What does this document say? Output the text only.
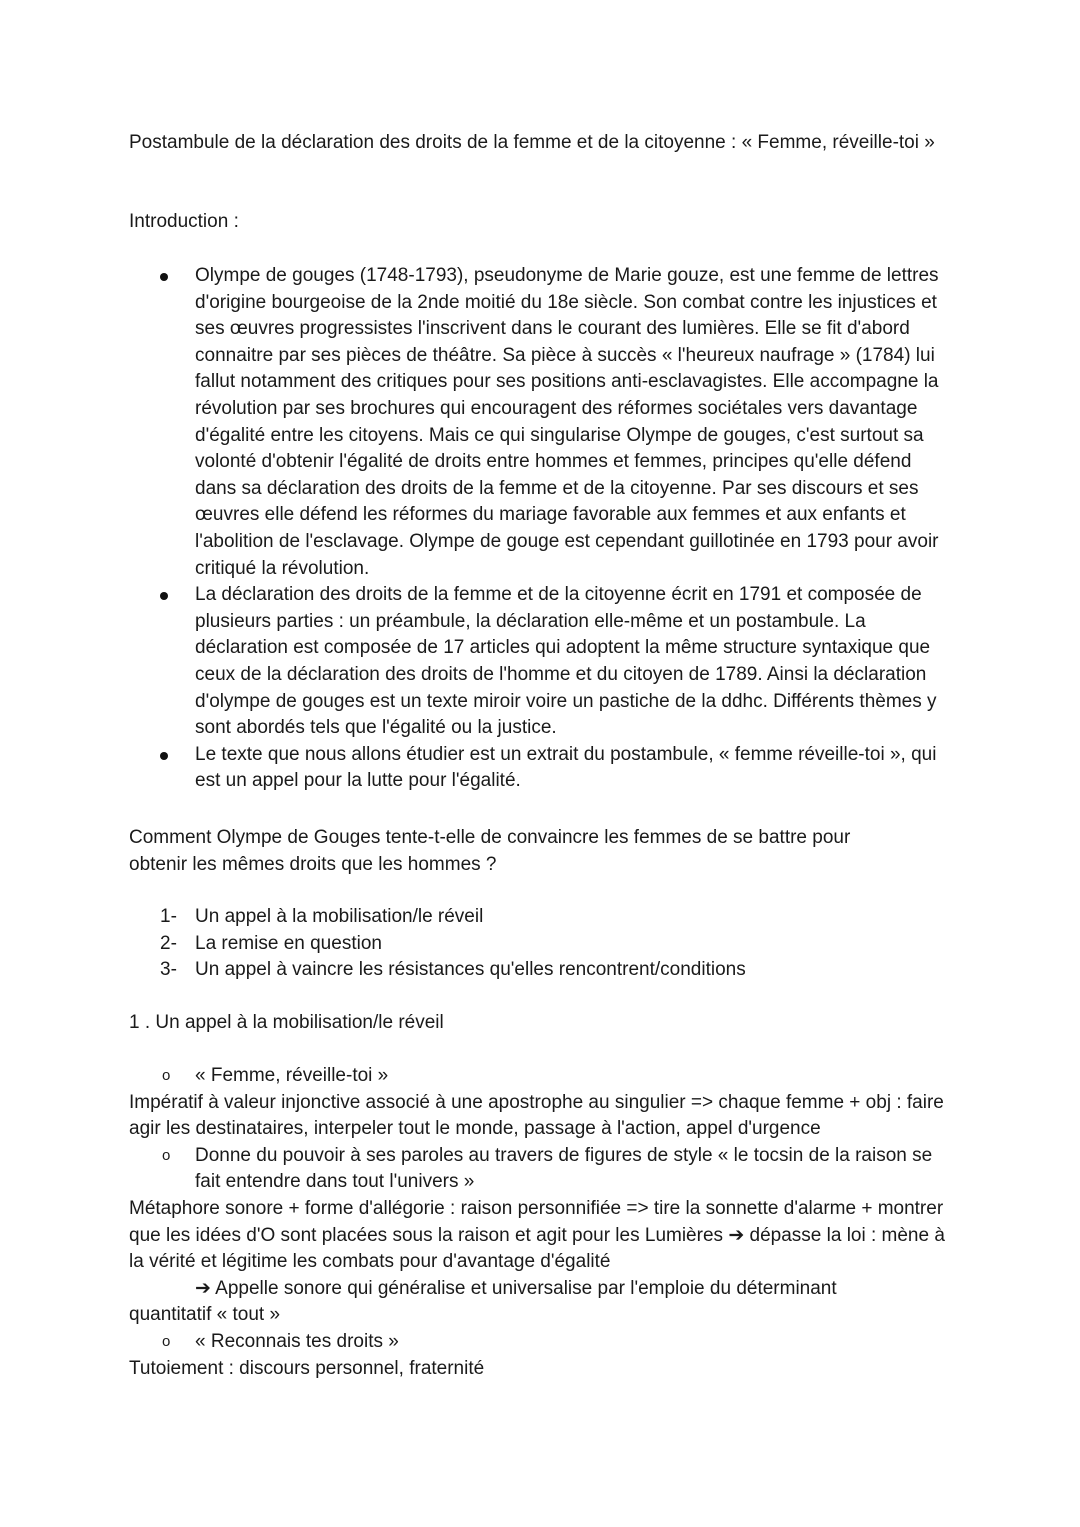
Postambule de la déclaration des droits de la femme et de la citoyenne : « Femme, réveille-toi »
Introduction :
Olympe de gouges (1748-1793), pseudonyme de Marie gouze, est une femme de lettres d'origine bourgeoise de la 2nde moitié du 18e siècle. Son combat contre les injustices et ses œuvres progressistes l'inscrivent dans le courant des lumières. Elle se fit d'abord connaitre par ses pièces de théâtre. Sa pièce à succès « l'heureux naufrage » (1784) lui fallut notamment des critiques pour ses positions anti-esclavagistes. Elle accompagne la révolution par ses brochures qui encouragent des réformes sociétales vers davantage d'égalité entre les citoyens. Mais ce qui singularise Olympe de gouges, c'est surtout sa volonté d'obtenir l'égalité de droits entre hommes et femmes, principes qu'elle défend dans sa déclaration des droits de la femme et de la citoyenne. Par ses discours et ses œuvres elle défend les réformes du mariage favorable aux femmes et aux enfants et l'abolition de l'esclavage. Olympe de gouge est cependant guillotinée en 1793 pour avoir critiqué la révolution.
La déclaration des droits de la femme et de la citoyenne écrit en 1791 et composée de plusieurs parties : un préambule, la déclaration elle-même et un postambule. La déclaration est composée de 17 articles qui adoptent la même structure syntaxique que ceux de la déclaration des droits de l'homme et du citoyen de 1789. Ainsi la déclaration d'olympe de gouges est un texte miroir voire un pastiche de la ddhc. Différents thèmes y sont abordés tels que l'égalité ou la justice.
Le texte que nous allons étudier est un extrait du postambule, « femme réveille-toi », qui est un appel pour la lutte pour l'égalité.
Comment Olympe de Gouges tente-t-elle de convaincre les femmes de se battre pour obtenir les mêmes droits que les hommes ?
1- Un appel à la mobilisation/le réveil
2- La remise en question
3- Un appel à vaincre les résistances qu'elles rencontrent/conditions
1 . Un appel à la mobilisation/le réveil
o « Femme, réveille-toi »
Impératif à valeur injonctive associé à une apostrophe au singulier => chaque femme + obj : faire agir les destinataires, interpeler tout le monde, passage à l'action, appel d'urgence
o Donne du pouvoir à ses paroles au travers de figures de style « le tocsin de la raison se fait entendre dans tout l'univers »
Métaphore sonore + forme d'allégorie : raison personnifiée => tire la sonnette d'alarme + montrer que les idées d'O sont placées sous la raison et agit pour les Lumières ➔ dépasse la loi : mène à la vérité et légitime les combats pour d'avantage d'égalité
➔ Appelle sonore qui généralise et universalise par l'emploie du déterminant
quantitatif « tout »
o « Reconnais tes droits »
Tutoiement : discours personnel, fraternité
